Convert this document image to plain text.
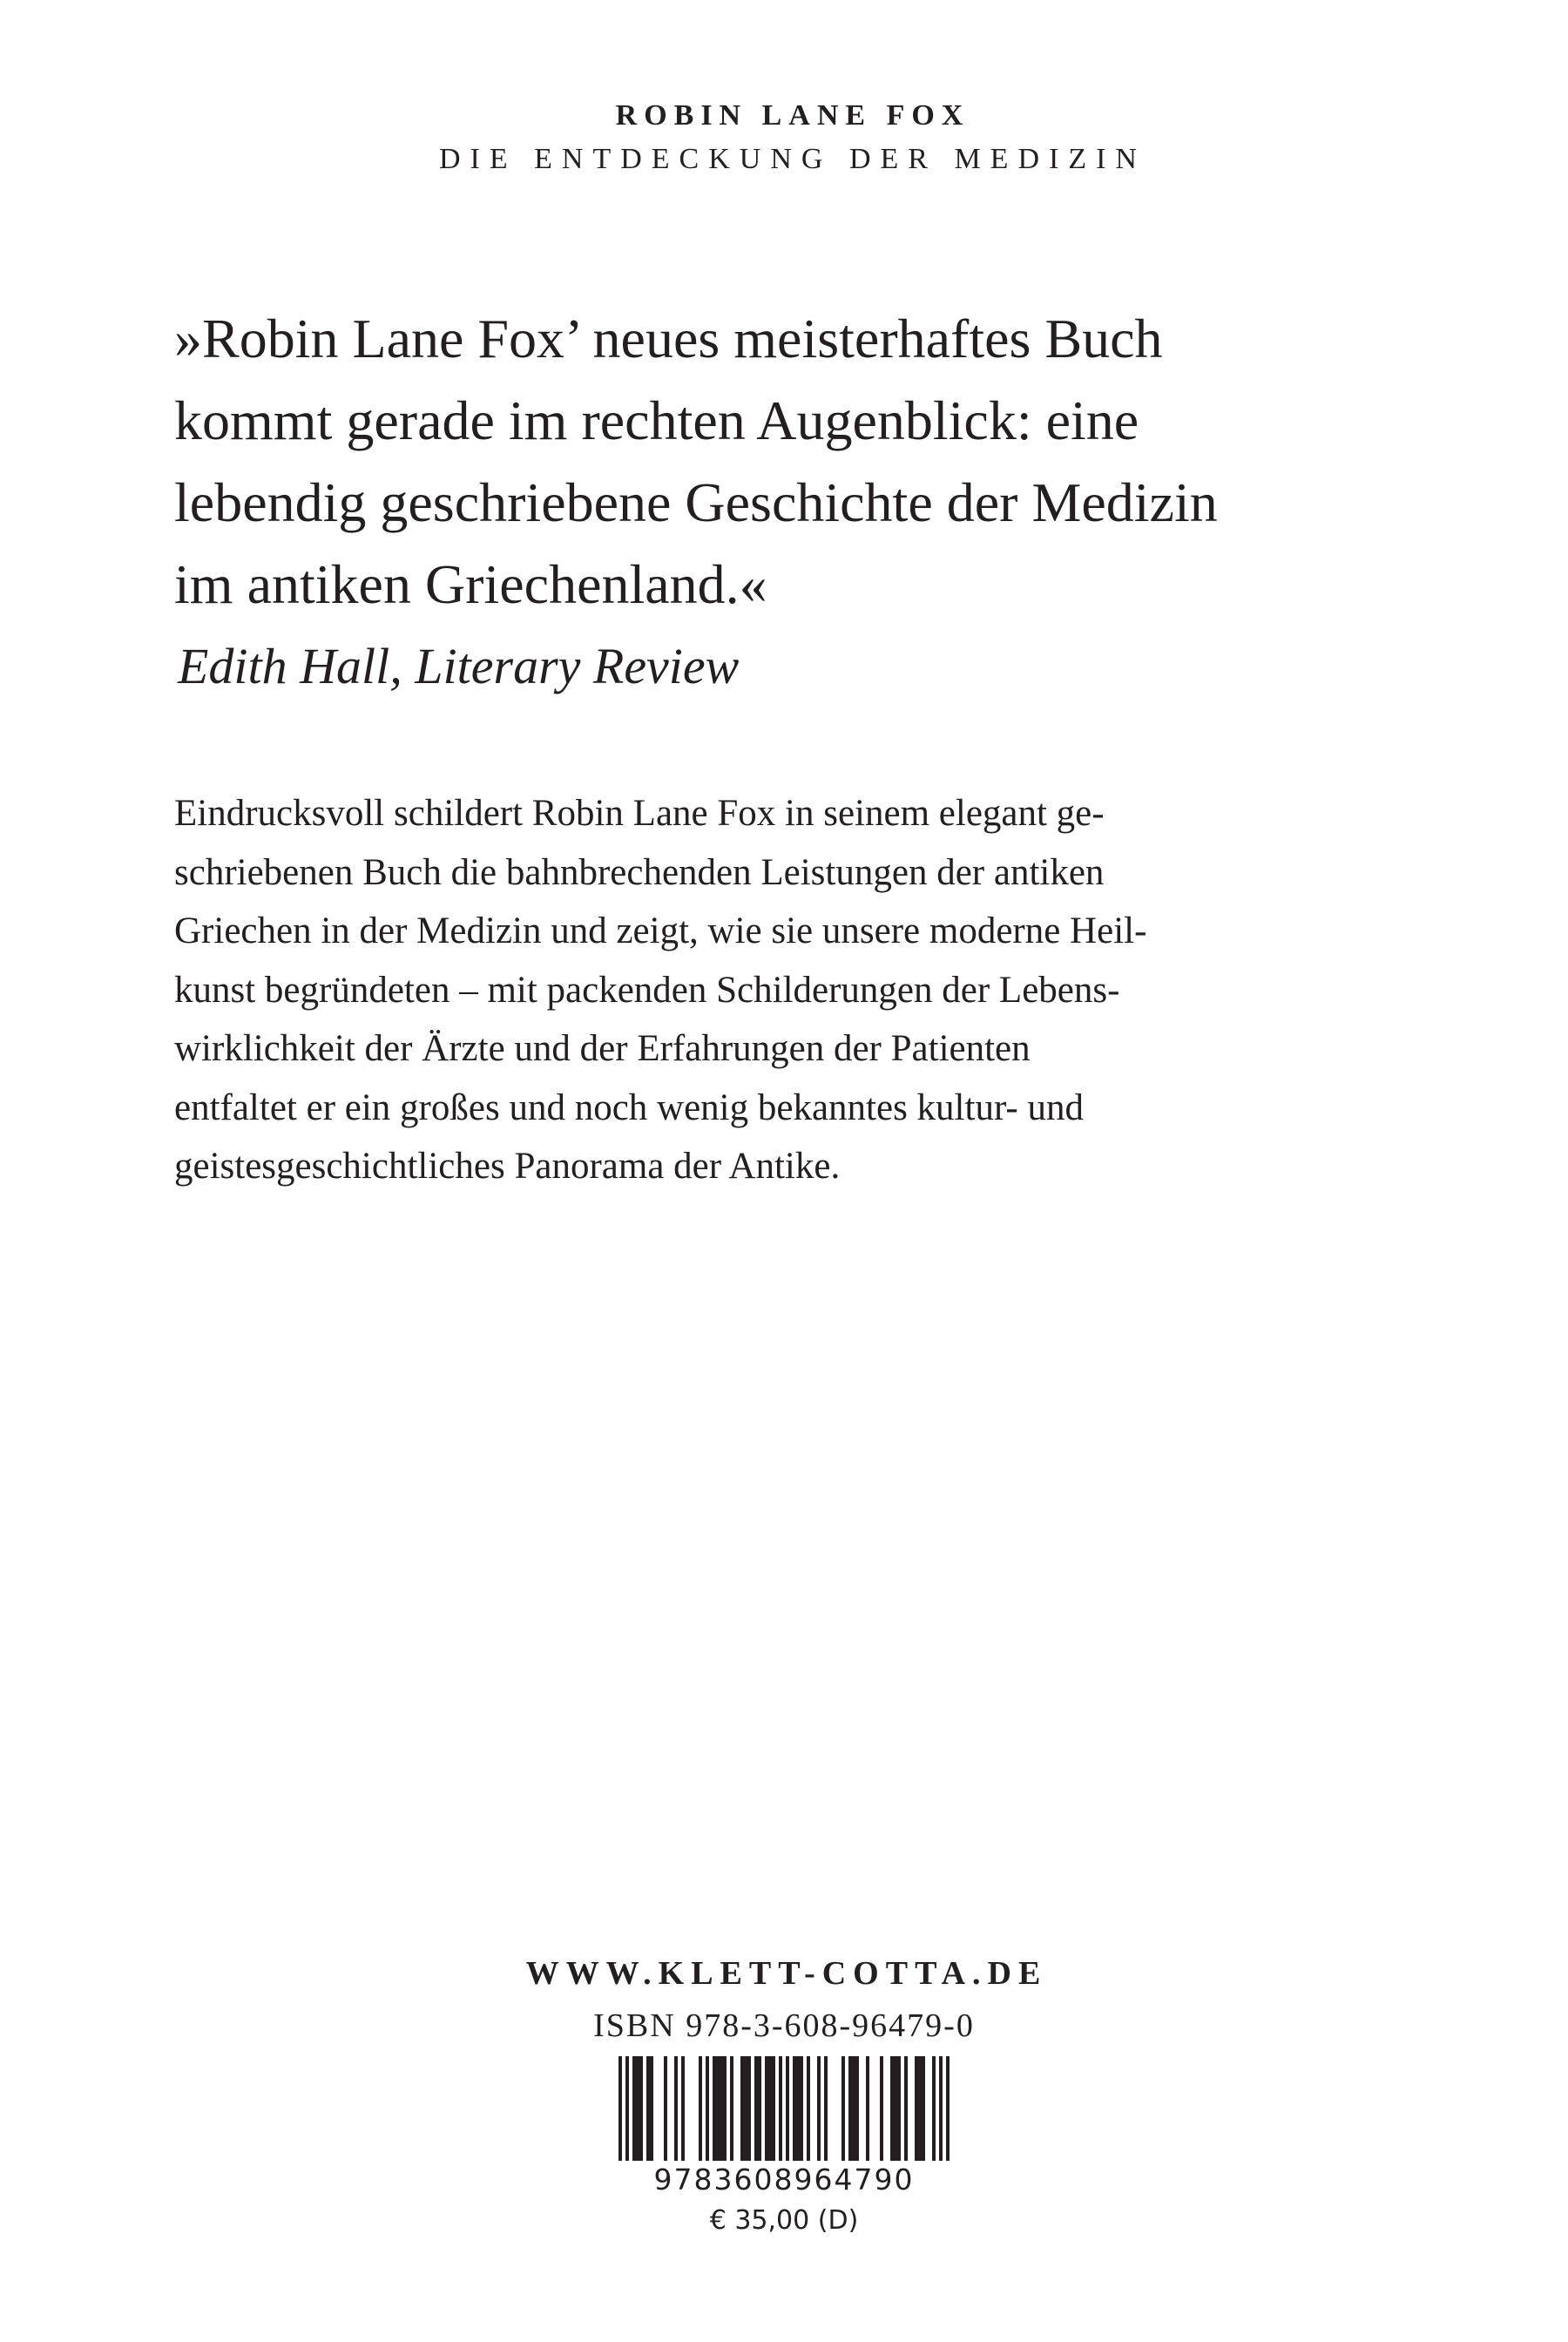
ROBIN LANE FOX
DIE ENTDECKUNG DER MEDIZIN

»Robin Lane Fox’ neues meisterhaftes Buch
kommt gerade im rechten Augenblick: eine
lebendig geschriebene Geschichte der Medizin
im antiken Griechenland.«

Edith Hall, Literary Review

Eindrucksvoll schildert Robin Lane Fox in seinem elegant ge-
schriebenen Buch die bahnbrechenden Leistungen der antiken
Griechen in der Medizin und zeigt, wie sie unsere moderne Heil-
kunst begründeten – mit packenden Schilderungen der Lebens-
wirklichkeit der Ärzte und der Erfahrungen der Patienten
entfaltet er ein großes und noch wenig bekanntes kultur- und
geistesgeschichtliches Panorama der Antike.

WWW.KLETT-COTTA.DE
ISBN 978-3-608-96479-0
9783608964790
€ 35,00 (D)
